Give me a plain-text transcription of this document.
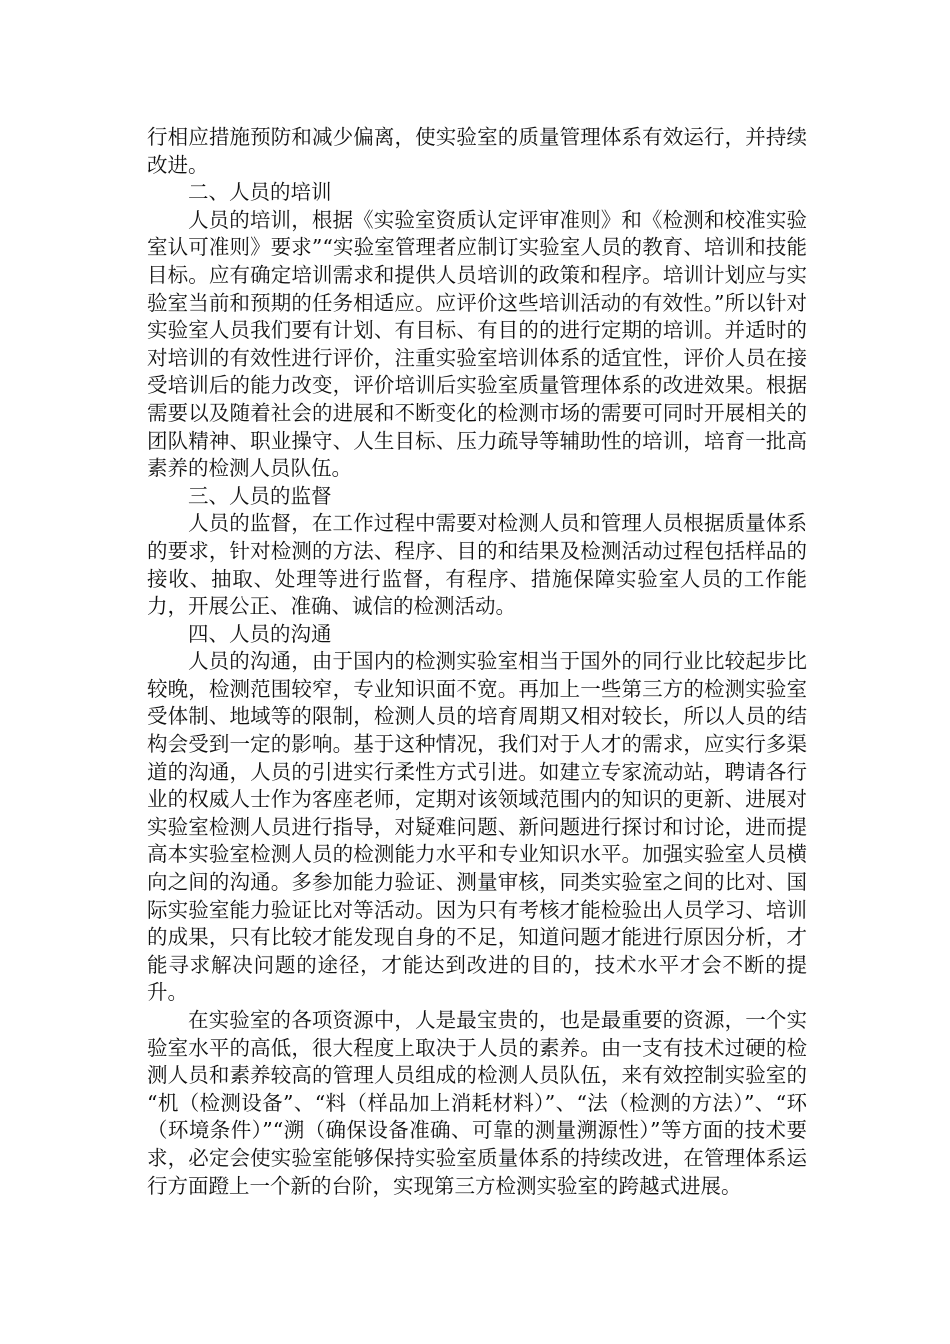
行相应措施预防和减少偏离，使实验室的质量管理体系有效运行，并持续改进。

二、人员的培训

人员的培训，根据《实验室资质认定评审准则》和《检测和校准实验室认可准则》要求”“实验室管理者应制订实验室人员的教育、培训和技能目标。应有确定培训需求和提供人员培训的政策和程序。培训计划应与实验室当前和预期的任务相适应。应评价这些培训活动的有效性。”所以针对实验室人员我们要有计划、有目标、有目的的进行定期的培训。并适时的对培训的有效性进行评价，注重实验室培训体系的适宜性，评价人员在接受培训后的能力改变，评价培训后实验室质量管理体系的改进效果。根据需要以及随着社会的进展和不断变化的检测市场的需要可同时开展相关的团队精神、职业操守、人生目标、压力疏导等辅助性的培训，培育一批高素养的检测人员队伍。

三、人员的监督

人员的监督，在工作过程中需要对检测人员和管理人员根据质量体系的要求，针对检测的方法、程序、目的和结果及检测活动过程包括样品的接收、抽取、处理等进行监督，有程序、措施保障实验室人员的工作能力，开展公正、准确、诚信的检测活动。

四、人员的沟通

人员的沟通，由于国内的检测实验室相当于国外的同行业比较起步比较晚，检测范围较窄，专业知识面不宽。再加上一些第三方的检测实验室受体制、地域等的限制，检测人员的培育周期又相对较长，所以人员的结构会受到一定的影响。基于这种情况，我们对于人才的需求，应实行多渠道的沟通，人员的引进实行柔性方式引进。如建立专家流动站，聘请各行业的权威人士作为客座老师，定期对该领域范围内的知识的更新、进展对实验室检测人员进行指导，对疑难问题、新问题进行探讨和讨论，进而提高本实验室检测人员的检测能力水平和专业知识水平。加强实验室人员横向之间的沟通。多参加能力验证、测量审核，同类实验室之间的比对、国际实验室能力验证比对等活动。因为只有考核才能检验出人员学习、培训的成果，只有比较才能发现自身的不足，知道问题才能进行原因分析，才能寻求解决问题的途径，才能达到改进的目的，技术水平才会不断的提升。

在实验室的各项资源中，人是最宝贵的，也是最重要的资源，一个实验室水平的高低，很大程度上取决于人员的素养。由一支有技术过硬的检测人员和素养较高的管理人员组成的检测人员队伍，来有效控制实验室的 “机（检测设备”、“料（样品加上消耗材料）”、“法（检测的方法）”、“环（环境条件）”“溯（确保设备准确、可靠的测量溯源性）”等方面的技术要求，必定会使实验室能够保持实验室质量体系的持续改进，在管理体系运行方面蹬上一个新的台阶，实现第三方检测实验室的跨越式进展。
